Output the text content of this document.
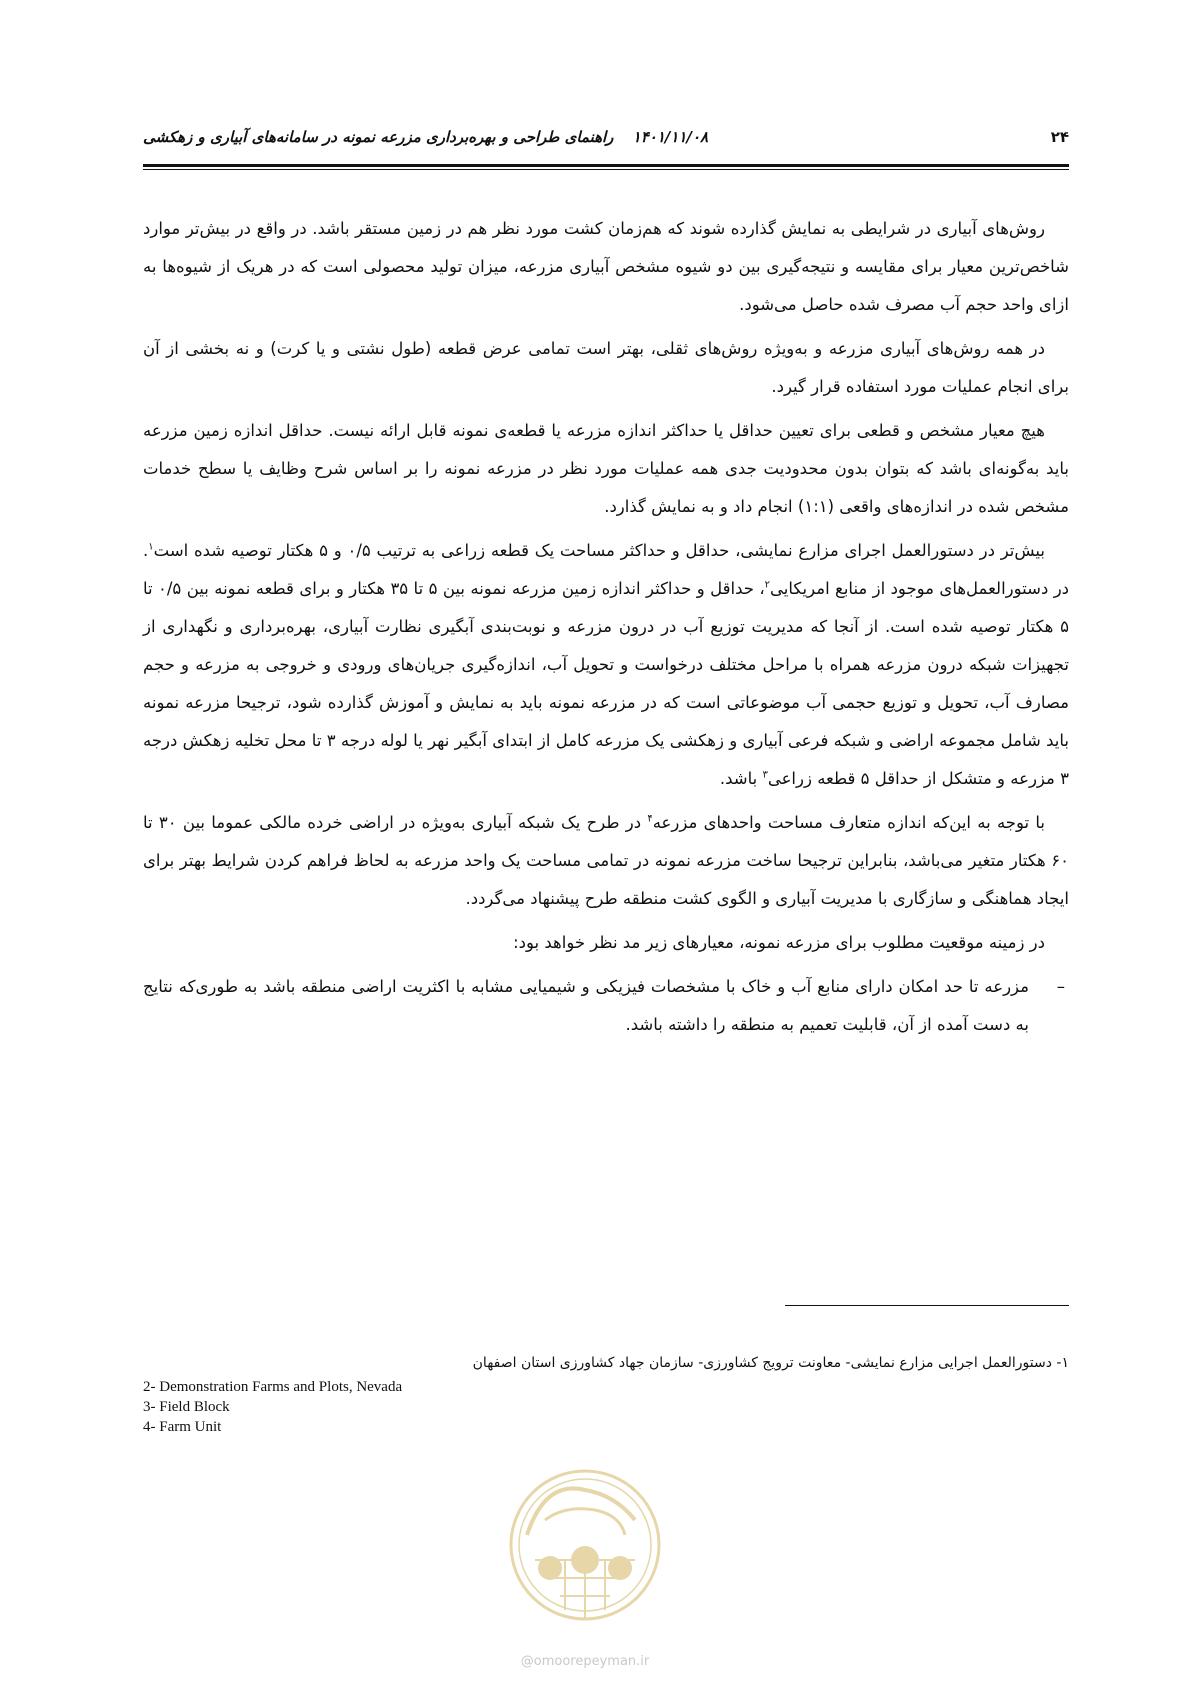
۲۴
۱۴۰۱/۱۱/۰۸ راهنمای طراحی و بهره‌برداری مزرعه نمونه در سامانه‌های آبیاری و زهکشی

روش‌های آبیاری در شرایطی به نمایش گذارده شوند که هم‌زمان کشت مورد نظر هم در زمین مستقر باشد. در واقع در بیش‌تر موارد شاخص‌ترین معیار برای مقایسه و نتیجه‌گیری بین دو شیوه مشخص آبیاری مزرعه، میزان تولید محصولی است که در هریک از شیوه‌ها به ازای واحد حجم آب مصرف شده حاصل می‌شود.

در همه روش‌های آبیاری مزرعه و به‌ویژه روش‌های ثقلی، بهتر است تمامی عرض قطعه (طول نشتی و یا کرت) و نه بخشی از آن برای انجام عملیات مورد استفاده قرار گیرد.

هیچ معیار مشخص و قطعی برای تعیین حداقل یا حداکثر اندازه مزرعه یا قطعه‌ی نمونه قابل ارائه نیست. حداقل اندازه زمین مزرعه باید به‌گونه‌ای باشد که بتوان بدون محدودیت جدی همه عملیات مورد نظر در مزرعه نمونه را بر اساس شرح وظایف یا سطح خدمات مشخص شده در اندازه‌های واقعی (۱:۱) انجام داد و به نمایش گذارد.

بیش‌تر در دستورالعمل اجرای مزارع نمایشی، حداقل و حداکثر مساحت یک قطعه زراعی به ترتیب ۰/۵ و ۵ هکتار توصیه شده است$^۱$. در دستورالعمل‌های موجود از منابع امریکایی$^۲$، حداقل و حداکثر اندازه زمین مزرعه نمونه بین ۵ تا ۳۵ هکتار و برای قطعه نمونه بین ۰/۵ تا ۵ هکتار توصیه شده است. از آنجا که مدیریت توزیع آب در درون مزرعه و نوبت‌بندی آبگیری نظارت آبیاری، بهره‌برداری و نگهداری از تجهیزات شبکه درون مزرعه همراه با مراحل مختلف درخواست و تحویل آب، اندازه‌گیری جریان‌های ورودی و خروجی به مزرعه و حجم مصارف آب، تحویل و توزیع حجمی آب موضوعاتی است که در مزرعه نمونه باید به نمایش و آموزش گذارده شود، ترجیحا مزرعه نمونه باید شامل مجموعه اراضی و شبکه فرعی آبیاری و زهکشی یک مزرعه کامل از ابتدای آبگیر نهر یا لوله درجه ۳ تا محل تخلیه زهکش درجه ۳ مزرعه و متشکل از حداقل ۵ قطعه زراعی$^۳$ باشد.

با توجه به این‌که اندازه متعارف مساحت واحدهای مزرعه$^۴$ در طرح یک شبکه آبیاری به‌ویژه در اراضی خرده مالکی عموما بین ۳۰ تا ۶۰ هکتار متغیر می‌باشد، بنابراین ترجیحا ساخت مزرعه نمونه در تمامی مساحت یک واحد مزرعه به لحاظ فراهم کردن شرایط بهتر برای ایجاد هماهنگی و سازگاری با مدیریت آبیاری و الگوی کشت منطقه طرح پیشنهاد می‌گردد.

در زمینه موقعیت مطلوب برای مزرعه نمونه، معیارهای زیر مد نظر خواهد بود:

–
مزرعه تا حد امکان دارای منابع آب و خاک با مشخصات فیزیکی و شیمیایی مشابه با اکثریت اراضی منطقه باشد به طوری‌که نتایج به دست آمده از آن، قابلیت تعمیم به منطقه را داشته باشد.

۱- دستورالعمل اجرایی مزارع نمایشی- معاونت ترویج کشاورزی- سازمان جهاد کشاورزی استان اصفهان
2- Demonstration Farms and Plots, Nevada
3- Field Block
4- Farm Unit
@omoorepeyman.ir
